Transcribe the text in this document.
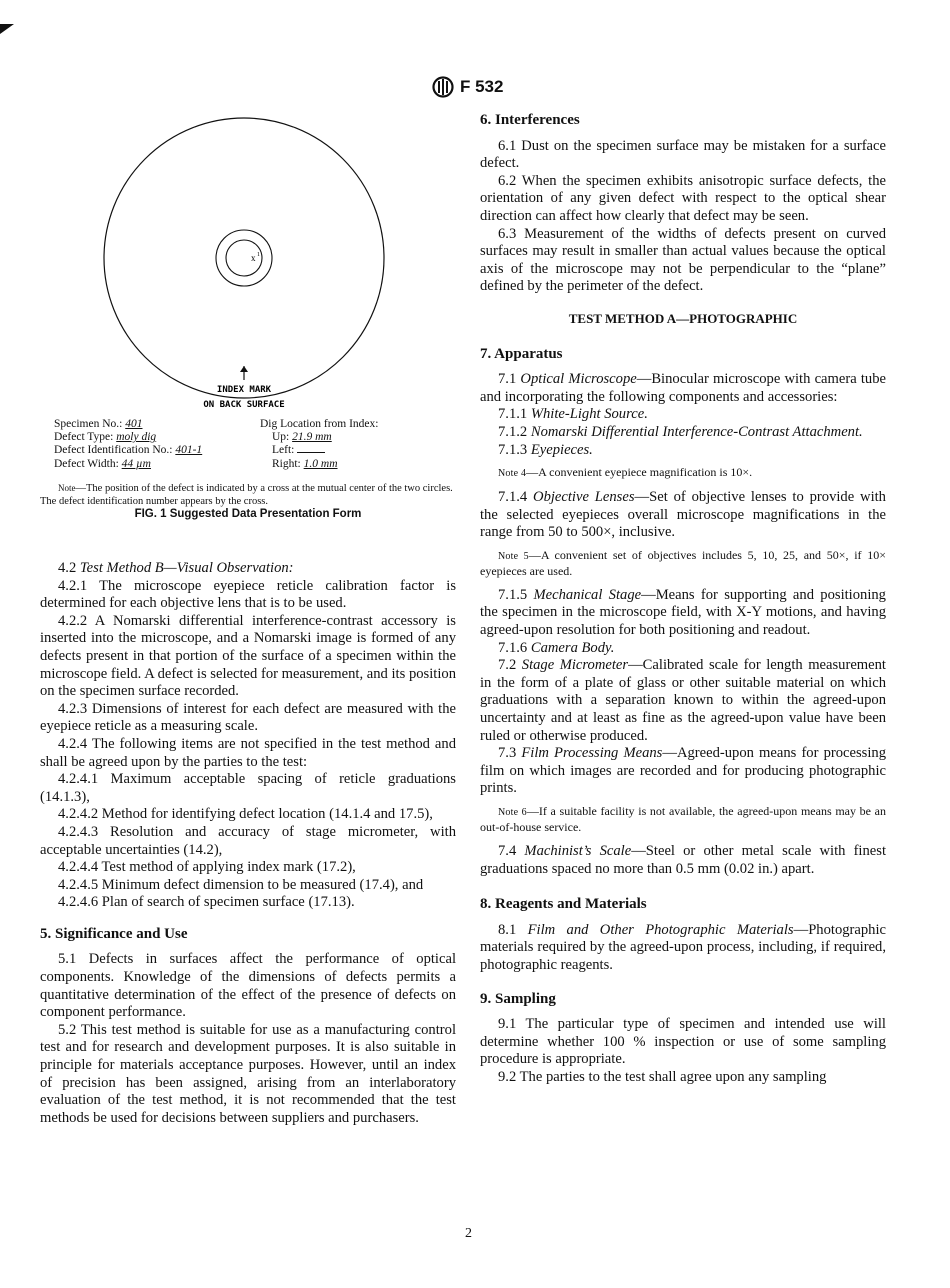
F 532
x 1
INDEX MARK
ON BACK SURFACE
Specimen No.: 401
Defect Type: moly dig
Defect Identification No.: 401-1
Defect Width: 44 µm
Dig Location from Index:
Up: 21.9 mm
Left:
Right: 1.0 mm
Note—The position of the defect is indicated by a cross at the mutual center of the two circles. The defect identification number appears by the cross.
FIG. 1 Suggested Data Presentation Form

4.2 Test Method B—Visual Observation:

4.2.1 The microscope eyepiece reticle calibration factor is determined for each objective lens that is to be used.

4.2.2 A Nomarski differential interference-contrast accessory is inserted into the microscope, and a Nomarski image is formed of any defects present in that portion of the surface of a specimen within the microscope field. A defect is selected for measurement, and its position on the specimen surface recorded.

4.2.3 Dimensions of interest for each defect are measured with the eyepiece reticle as a measuring scale.

4.2.4 The following items are not specified in the test method and shall be agreed upon by the parties to the test:

4.2.4.1 Maximum acceptable spacing of reticle graduations (14.1.3),

4.2.4.2 Method for identifying defect location (14.1.4 and 17.5),

4.2.4.3 Resolution and accuracy of stage micrometer, with acceptable uncertainties (14.2),

4.2.4.4 Test method of applying index mark (17.2),

4.2.4.5 Minimum defect dimension to be measured (17.4), and

4.2.4.6 Plan of search of specimen surface (17.13).

5. Significance and Use

5.1 Defects in surfaces affect the performance of optical components. Knowledge of the dimensions of defects permits a quantitative determination of the effect of the presence of defects on component performance.

5.2 This test method is suitable for use as a manufacturing control test and for research and development purposes. It is also suitable in principle for materials acceptance purposes. However, until an index of precision has been assigned, arising from an interlaboratory evaluation of the test method, it is not recommended that the test methods be used for decisions between suppliers and purchasers.

6. Interferences

6.1 Dust on the specimen surface may be mistaken for a surface defect.

6.2 When the specimen exhibits anisotropic surface defects, the orientation of any given defect with respect to the optical shear direction can affect how clearly that defect may be seen.

6.3 Measurement of the widths of defects present on curved surfaces may result in smaller than actual values because the optical axis of the microscope may not be perpendicular to the “plane” defined by the perimeter of the defect.

TEST METHOD A—PHOTOGRAPHIC
7. Apparatus

7.1 Optical Microscope—Binocular microscope with camera tube and incorporating the following components and accessories:

7.1.1 White-Light Source.

7.1.2 Nomarski Differential Interference-Contrast Attachment.

7.1.3 Eyepieces.

Note 4—A convenient eyepiece magnification is 10×.

7.1.4 Objective Lenses—Set of objective lenses to provide with the selected eyepieces overall microscope magnifications in the range from 50 to 500×, inclusive.

Note 5—A convenient set of objectives includes 5, 10, 25, and 50×, if 10× eyepieces are used.

7.1.5 Mechanical Stage—Means for supporting and positioning the specimen in the microscope field, with X-Y motions, and having agreed-upon resolution for both positioning and readout.

7.1.6 Camera Body.

7.2 Stage Micrometer—Calibrated scale for length measurement in the form of a plate of glass or other suitable material on which graduations with a separation known to within the agreed-upon uncertainty and at least as fine as the agreed-upon value have been ruled or otherwise produced.

7.3 Film Processing Means—Agreed-upon means for processing film on which images are recorded and for producing photographic prints.

Note 6—If a suitable facility is not available, the agreed-upon means may be an out-of-house service.

7.4 Machinist’s Scale—Steel or other metal scale with finest graduations spaced no more than 0.5 mm (0.02 in.) apart.

8. Reagents and Materials

8.1 Film and Other Photographic Materials—Photographic materials required by the agreed-upon process, including, if required, photographic reagents.

9. Sampling

9.1 The particular type of specimen and intended use will determine whether 100 % inspection or use of some sampling procedure is appropriate.

9.2 The parties to the test shall agree upon any sampling

2
